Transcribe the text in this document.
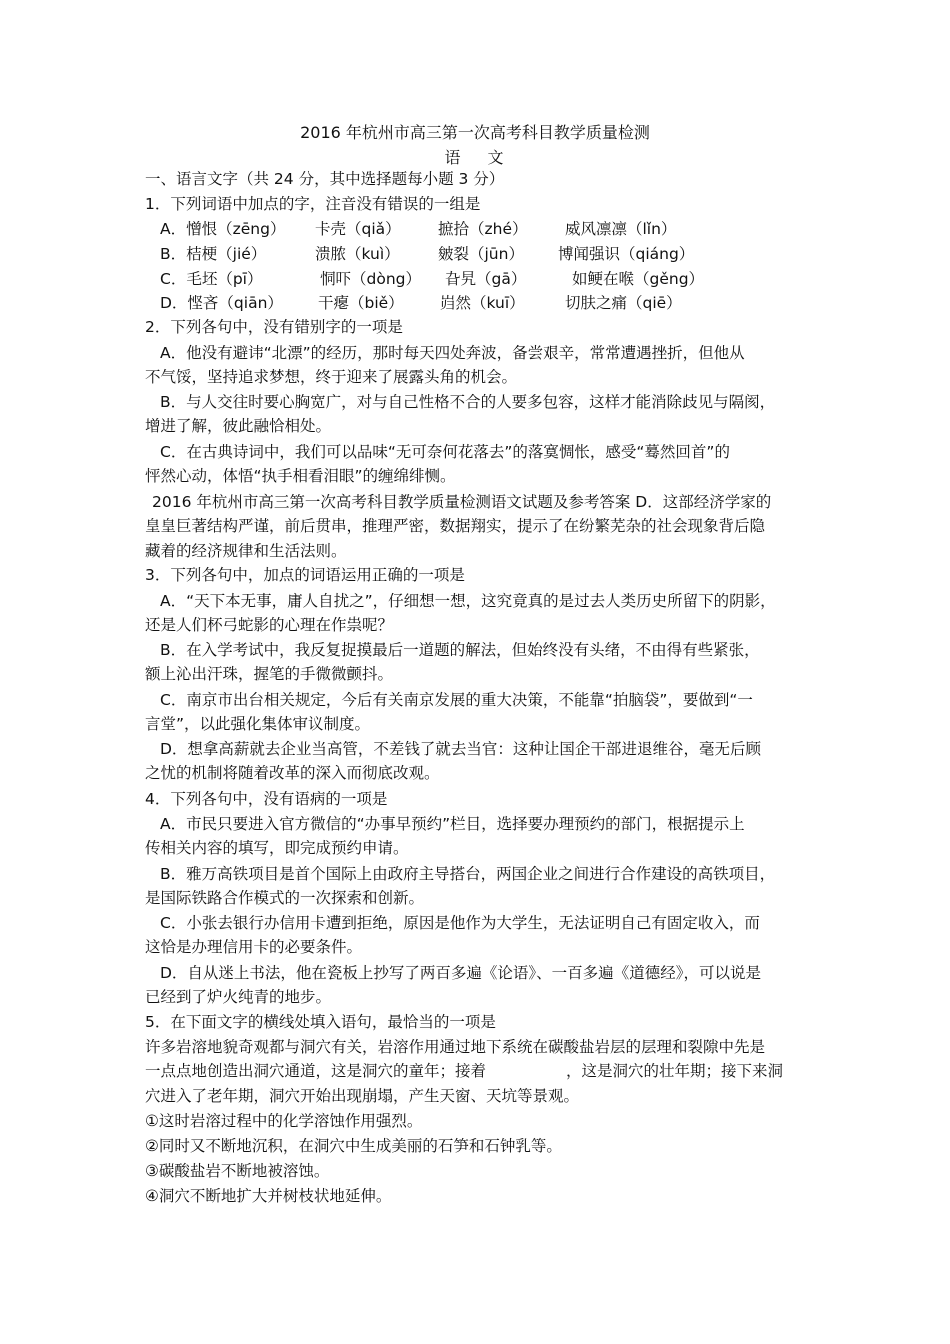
2016 年杭州市高三第一次高考科目教学质量检测
语　 文
一、语言文字（共 24 分，其中选择题每小题 3 分）
1．下列词语中加点的字，注音没有错误的一组是
A．憎恨（zēng） 卡壳（qiǎ） 摭拾（zhé） 威风凛凛（lǐn）
B．桔梗（jié）	溃脓（kuì） 皴裂（jūn） 博闻强识（qiáng）
C．毛坯（pī）	恫吓（dòng） 旮旯（gā）	如鲠在喉（gěng）
D．悭吝（qiān） 干瘪（biě） 岿然（kuī）	切肤之痛（qiē）
2．下列各句中，没有错别字的一项是
A．他没有避讳“北漂”的经历，那时每天四处奔波，备尝艰辛，常常遭遇挫折，但他从
不气馁，坚持追求梦想，终于迎来了展露头角的机会。
B．与人交往时要心胸宽广，对与自己性格不合的人要多包容，这样才能消除歧见与隔阂，
增进了解，彼此融恰相处。
C．在古典诗词中，我们可以品味“无可奈何花落去”的落寞惆怅，感受“蓦然回首”的
怦然心动，体悟“执手相看泪眼”的缠绵绯恻。
2016 年杭州市高三第一次高考科目教学质量检测语文试题及参考答案 D．这部经济学家的
皇皇巨著结构严谨，前后贯串，推理严密，数据翔实，提示了在纷繁芜杂的社会现象背后隐
藏着的经济规律和生活法则。
3．下列各句中，加点的词语运用正确的一项是
A．“天下本无事，庸人自扰之”，仔细想一想，这究竟真的是过去人类历史所留下的阴影，
还是人们杯弓蛇影的心理在作祟呢？
B．在入学考试中，我反复捉摸最后一道题的解法，但始终没有头绪，不由得有些紧张，
额上沁出汗珠，握笔的手微微颤抖。
C．南京市出台相关规定，今后有关南京发展的重大决策，不能靠“拍脑袋”，要做到“一
言堂”，以此强化集体审议制度。
D．想拿高薪就去企业当高管，不差钱了就去当官：这种让国企干部进退维谷，毫无后顾
之忧的机制将随着改革的深入而彻底改观。
4．下列各句中，没有语病的一项是
A．市民只要进入官方微信的“办事早预约”栏目，选择要办理预约的部门，根据提示上
传相关内容的填写，即完成预约申请。
B．雅万高铁项目是首个国际上由政府主导搭台，两国企业之间进行合作建设的高铁项目，
是国际铁路合作模式的一次探索和创新。
C．小张去银行办信用卡遭到拒绝，原因是他作为大学生，无法证明自己有固定收入，而
这恰是办理信用卡的必要条件。
D．自从迷上书法，他在瓷板上抄写了两百多遍《论语》、一百多遍《道德经》，可以说是
已经到了炉火纯青的地步。
5．在下面文字的横线处填入语句，最恰当的一项是
许多岩溶地貌奇观都与洞穴有关，岩溶作用通过地下系统在碳酸盐岩层的层理和裂隙中先是
一点点地创造出洞穴通道，这是洞穴的童年；接着	，这是洞穴的壮年期；接下来洞
穴进入了老年期，洞穴开始出现崩塌，产生天窗、天坑等景观。
①这时岩溶过程中的化学溶蚀作用强烈。
②同时又不断地沉积，在洞穴中生成美丽的石笋和石钟乳等。
③碳酸盐岩不断地被溶蚀。
④洞穴不断地扩大并树枝状地延伸。
